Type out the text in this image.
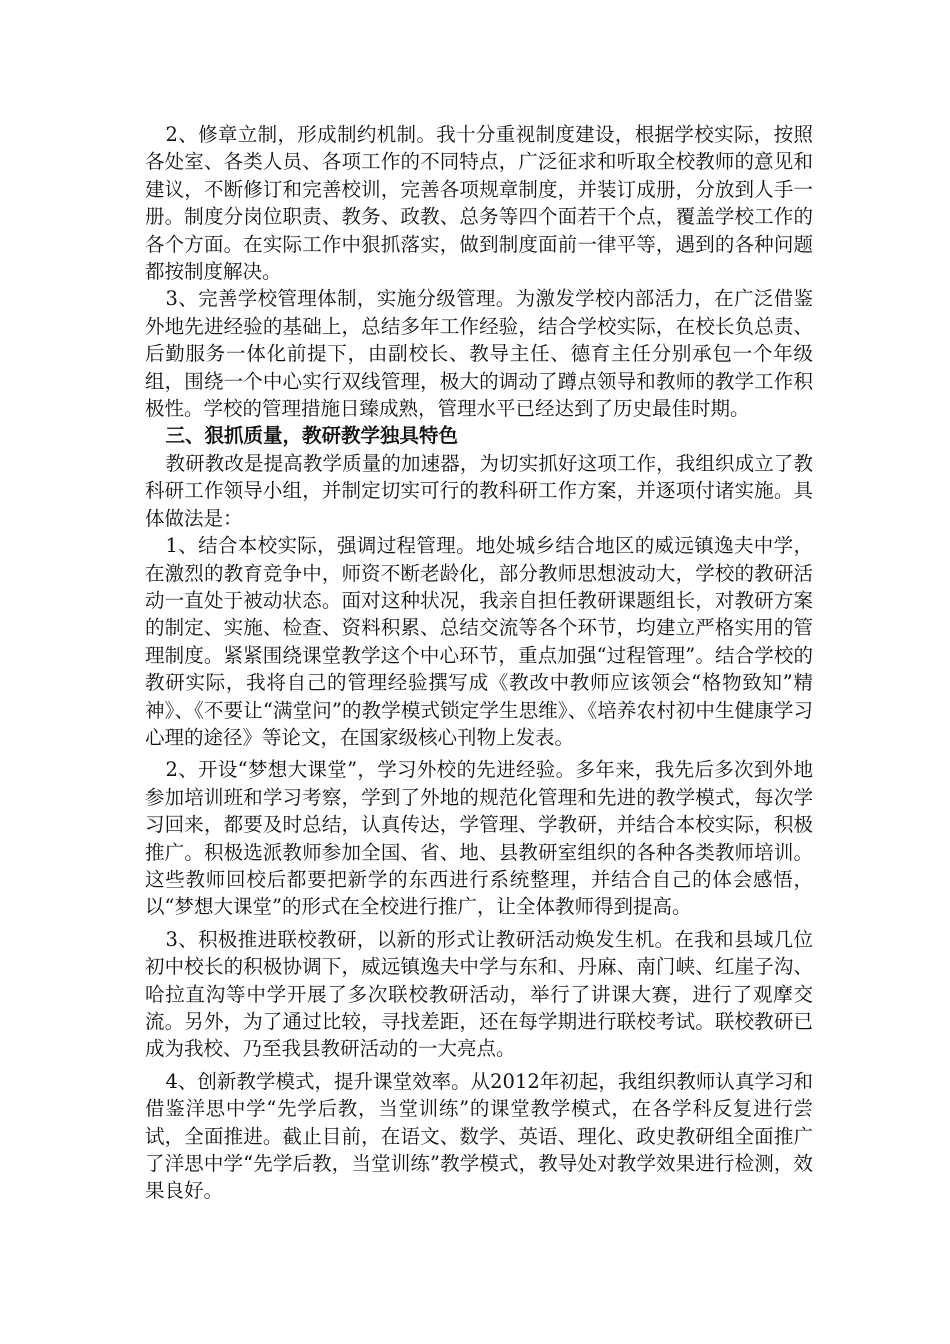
2、修章立制，形成制约机制。我十分重视制度建设，根据学校实际，按照各处室、各类人员、各项工作的不同特点，广泛征求和听取全校教师的意见和建议，不断修订和完善校训，完善各项规章制度，并装订成册，分放到人手一册。制度分岗位职责、教务、政教、总务等四个面若干个点，覆盖学校工作的各个方面。在实际工作中狠抓落实，做到制度面前一律平等，遇到的各种问题都按制度解决。

3、完善学校管理体制，实施分级管理。为激发学校内部活力，在广泛借鉴外地先进经验的基础上，总结多年工作经验，结合学校实际，在校长负总责、后勤服务一体化前提下，由副校长、教导主任、德育主任分别承包一个年级组，围绕一个中心实行双线管理，极大的调动了蹲点领导和教师的教学工作积极性。学校的管理措施日臻成熟，管理水平已经达到了历史最佳时期。

三、狠抓质量，教研教学独具特色

教研教改是提高教学质量的加速器，为切实抓好这项工作，我组织成立了教科研工作领导小组，并制定切实可行的教科研工作方案，并逐项付诸实施。具体做法是：

1、结合本校实际，强调过程管理。地处城乡结合地区的威远镇逸夫中学，在激烈的教育竞争中，师资不断老龄化，部分教师思想波动大，学校的教研活动一直处于被动状态。面对这种状况，我亲自担任教研课题组长，对教研方案的制定、实施、检查、资料积累、总结交流等各个环节，均建立严格实用的管理制度。紧紧围绕课堂教学这个中心环节，重点加强“过程管理”。结合学校的教研实际，我将自己的管理经验撰写成《教改中教师应该领会“格物致知”精神》、《不要让“满堂问”的教学模式锁定学生思维》、《培养农村初中生健康学习心理的途径》等论文，在国家级核心刊物上发表。

2、开设“梦想大课堂”，学习外校的先进经验。多年来，我先后多次到外地参加培训班和学习考察，学到了外地的规范化管理和先进的教学模式，每次学习回来，都要及时总结，认真传达，学管理、学教研，并结合本校实际，积极推广。积极选派教师参加全国、省、地、县教研室组织的各种各类教师培训。这些教师回校后都要把新学的东西进行系统整理，并结合自己的体会感悟，以“梦想大课堂”的形式在全校进行推广，让全体教师得到提高。

3、积极推进联校教研，以新的形式让教研活动焕发生机。在我和县域几位初中校长的积极协调下，威远镇逸夫中学与东和、丹麻、南门峡、红崖子沟、哈拉直沟等中学开展了多次联校教研活动，举行了讲课大赛，进行了观摩交流。另外，为了通过比较，寻找差距，还在每学期进行联校考试。联校教研已成为我校、乃至我县教研活动的一大亮点。

4、创新教学模式，提升课堂效率。从2012年初起，我组织教师认真学习和借鉴洋思中学“先学后教，当堂训练”的课堂教学模式，在各学科反复进行尝试，全面推进。截止目前，在语文、数学、英语、理化、政史教研组全面推广了洋思中学“先学后教，当堂训练”教学模式，教导处对教学效果进行检测，效果良好。
